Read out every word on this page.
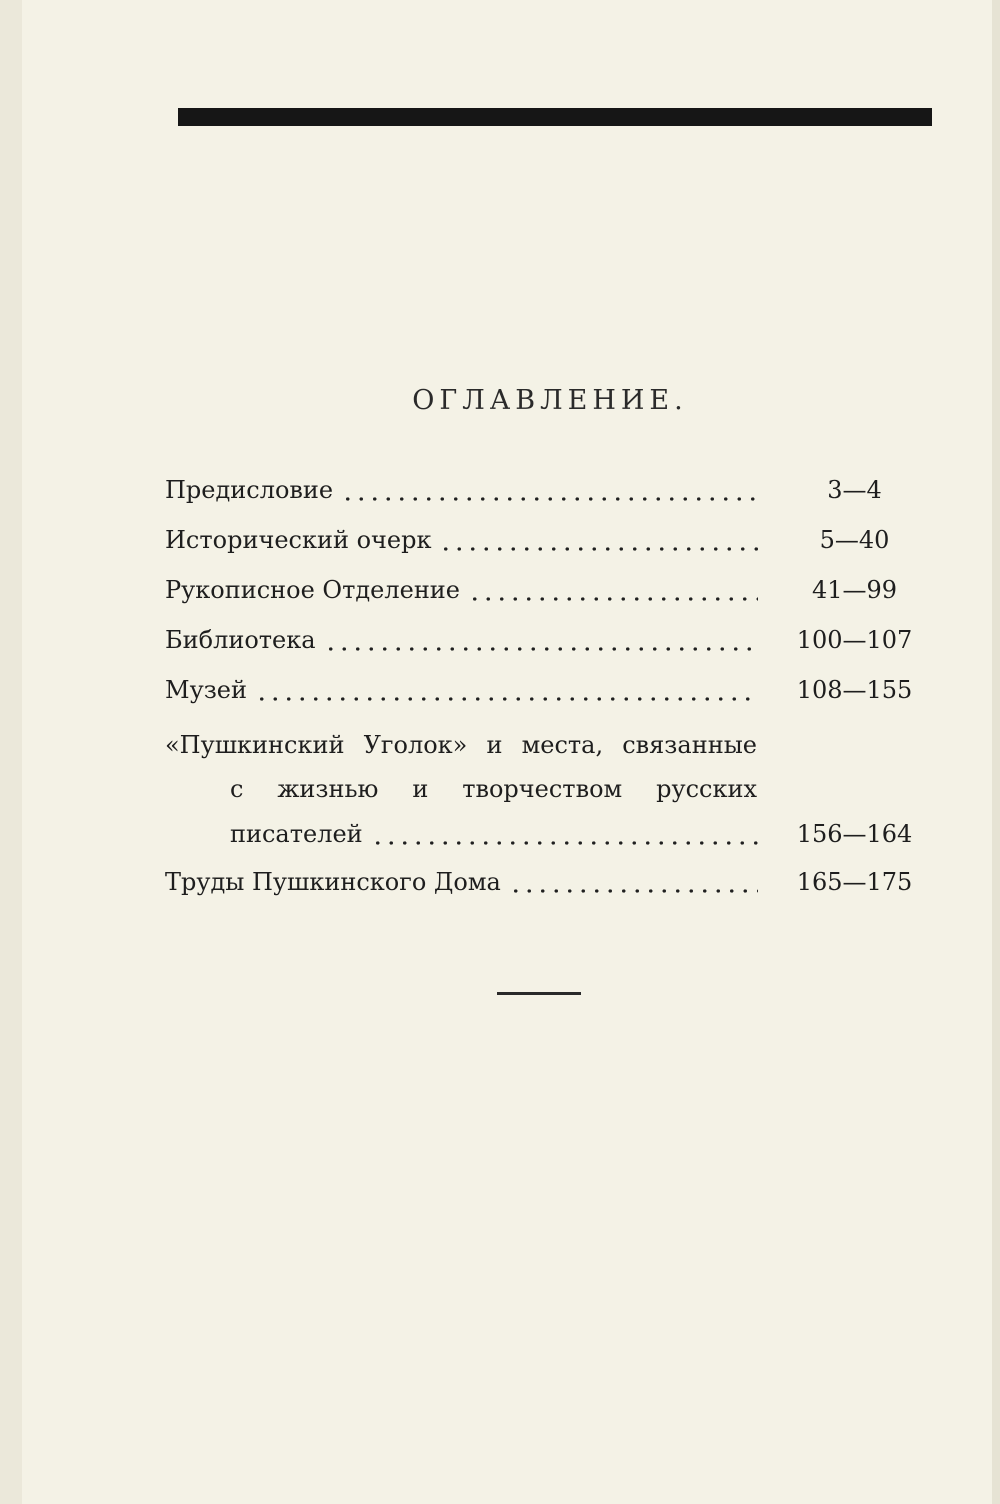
ОГЛАВЛЕНИЕ.
Предисловие	3—4
Исторический очерк	5—40
Рукописное Отделение	41—99
Библиотека	100—107
Музей	108—155
«Пушкинский Уголок» и места, связанные
с жизнью и творчеством русских
писателей	156—164
Труды Пушкинского Дома	165—175
